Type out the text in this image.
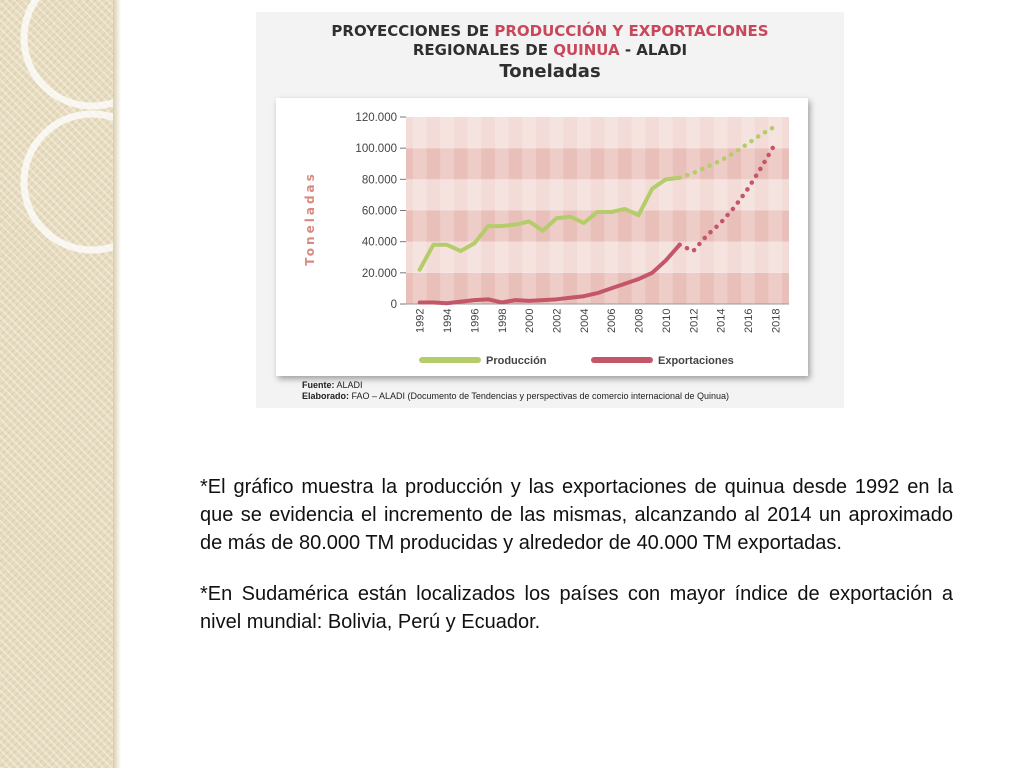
PROYECCIONES DE PRODUCCIÓN Y EXPORTACIONES
REGIONALES DE QUINUA - ALADI
Toneladas
0
20.000
40.000
60.000
80.000
100.000
120.000
1992 1994 1996 1998 2000 2002 2004 2006 2008 2010 2012 2014 2016 2018
Toneladas
Producción	Exportaciones
Fuente: ALADI
Elaborado: FAO – ALADI (Documento de Tendencias y perspectivas de comercio internacional de Quinua)

*El gráfico muestra la producción y las exportaciones de quinua desde 1992 en la que se evidencia el incremento de las mismas, alcanzando al 2014 un aproximado de más de 80.000 TM producidas y alrededor de 40.000 TM exportadas.

*En Sudamérica están localizados los países con mayor índice de exportación a nivel mundial: Bolivia, Perú y Ecuador.
